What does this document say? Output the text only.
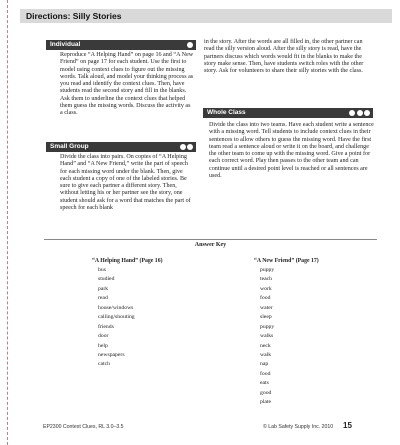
Directions: Silly Stories
Individual

Reproduce “A Helping Hand” on page 16 and “A New Friend” on page 17 for each student. Use the first to model using context clues to figure out the missing words. Talk aloud, and model your thinking process as you read and identify the context clues. Then, have students read the second story and fill in the blanks. Ask them to underline the context clues that helped them guess the missing words. Discuss the activity as a class.

Small Group

Divide the class into pairs. On copies of “A Helping Hand” and “A New Friend,” write the part of speech for each missing word under the blank. Then, give each student a copy of one of the labeled stories. Be sure to give each partner a different story. Then, without letting his or her partner see the story, one student should ask for a word that matches the part of speech for each blank

in the story. After the words are all filled in, the other partner can read the silly version aloud. After the silly story is read, have the partners discuss which words would fit in the blanks to make the story make sense. Then, have students switch roles with the other story. Ask for volunteers to share their silly stories with the class.

Whole Class

Divide the class into two teams. Have each student write a sentence with a missing word. Tell students to include context clues in their sentences to allow others to guess the missing word. Have the first team read a sentence aloud or write it on the board, and challenge the other team to come up with the missing word. Give a point for each correct word. Play then passes to the other team and can continue until a desired point level is reached or all sentences are used.

Answer Key
“A Helping Hand” (Page 16)
bus
studied
park
read
house/windows
calling/shouting
friends
door
help
newspapers
catch
“A New Friend” (Page 17)
puppy
teach
work
food
water
sleep
puppy
walks
neck
walk
nap
food
eats
good
plate
EP2300 Context Clues, RL 3.0–3.5	© Lab Safety Supply Inc. 2010 15
